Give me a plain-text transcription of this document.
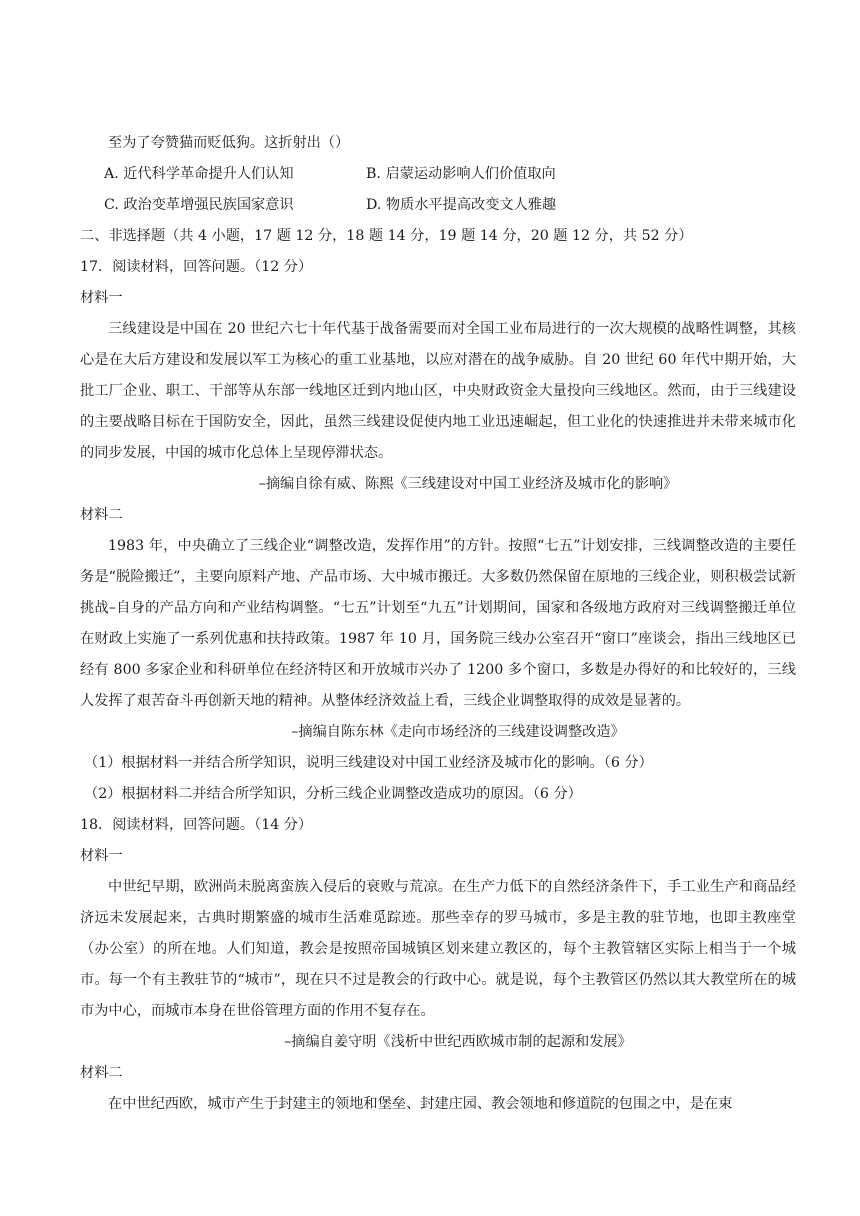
至为了夸赞猫而贬低狗。这折射出（）
A. 近代科学革命提升人们认知	B. 启蒙运动影响人们价值取向
C. 政治变革增强民族国家意识	D. 物质水平提高改变文人雅趣
二、非选择题（共 4 小题，17 题 12 分，18 题 14 分，19 题 14 分，20 题 12 分，共 52 分）
17．阅读材料，回答问题。（12 分）
材料一

三线建设是中国在 20 世纪六七十年代基于战备需要而对全国工业布局进行的一次大规模的战略性调整，其核心是在大后方建设和发展以军工为核心的重工业基地，以应对潜在的战争威胁。自 20 世纪 60 年代中期开始，大批工厂企业、职工、干部等从东部一线地区迁到内地山区，中央财政资金大量投向三线地区。然而，由于三线建设的主要战略目标在于国防安全，因此，虽然三线建设促使内地工业迅速崛起，但工业化的快速推进并未带来城市化的同步发展，中国的城市化总体上呈现停滞状态。

–摘编自徐有威、陈熙《三线建设对中国工业经济及城市化的影响》
材料二

1983 年，中央确立了三线企业“调整改造，发挥作用”的方针。按照“七五”计划安排，三线调整改造的主要任务是“脱险搬迁”，主要向原料产地、产品市场、大中城市搬迁。大多数仍然保留在原地的三线企业，则积极尝试新挑战–自身的产品方向和产业结构调整。“七五”计划至“九五”计划期间，国家和各级地方政府对三线调整搬迁单位在财政上实施了一系列优惠和扶持政策。1987 年 10 月，国务院三线办公室召开“窗口”座谈会，指出三线地区已经有 800 多家企业和科研单位在经济特区和开放城市兴办了 1200 多个窗口，多数是办得好的和比较好的，三线人发挥了艰苦奋斗再创新天地的精神。从整体经济效益上看，三线企业调整取得的成效是显著的。

–摘编自陈东林《走向市场经济的三线建设调整改造》
（1）根据材料一并结合所学知识，说明三线建设对中国工业经济及城市化的影响。（6 分）
（2）根据材料二并结合所学知识，分析三线企业调整改造成功的原因。（6 分）
18．阅读材料，回答问题。（14 分）
材料一

中世纪早期，欧洲尚未脱离蛮族入侵后的衰败与荒凉。在生产力低下的自然经济条件下，手工业生产和商品经济远未发展起来，古典时期繁盛的城市生活难觅踪迹。那些幸存的罗马城市，多是主教的驻节地，也即主教座堂（办公室）的所在地。人们知道，教会是按照帝国城镇区划来建立教区的，每个主教管辖区实际上相当于一个城市。每一个有主教驻节的“城市”，现在只不过是教会的行政中心。就是说，每个主教管区仍然以其大教堂所在的城市为中心，而城市本身在世俗管理方面的作用不复存在。

–摘编自姜守明《浅析中世纪西欧城市制的起源和发展》
材料二

在中世纪西欧，城市产生于封建主的领地和堡垒、封建庄园、教会领地和修道院的包围之中，是在束
